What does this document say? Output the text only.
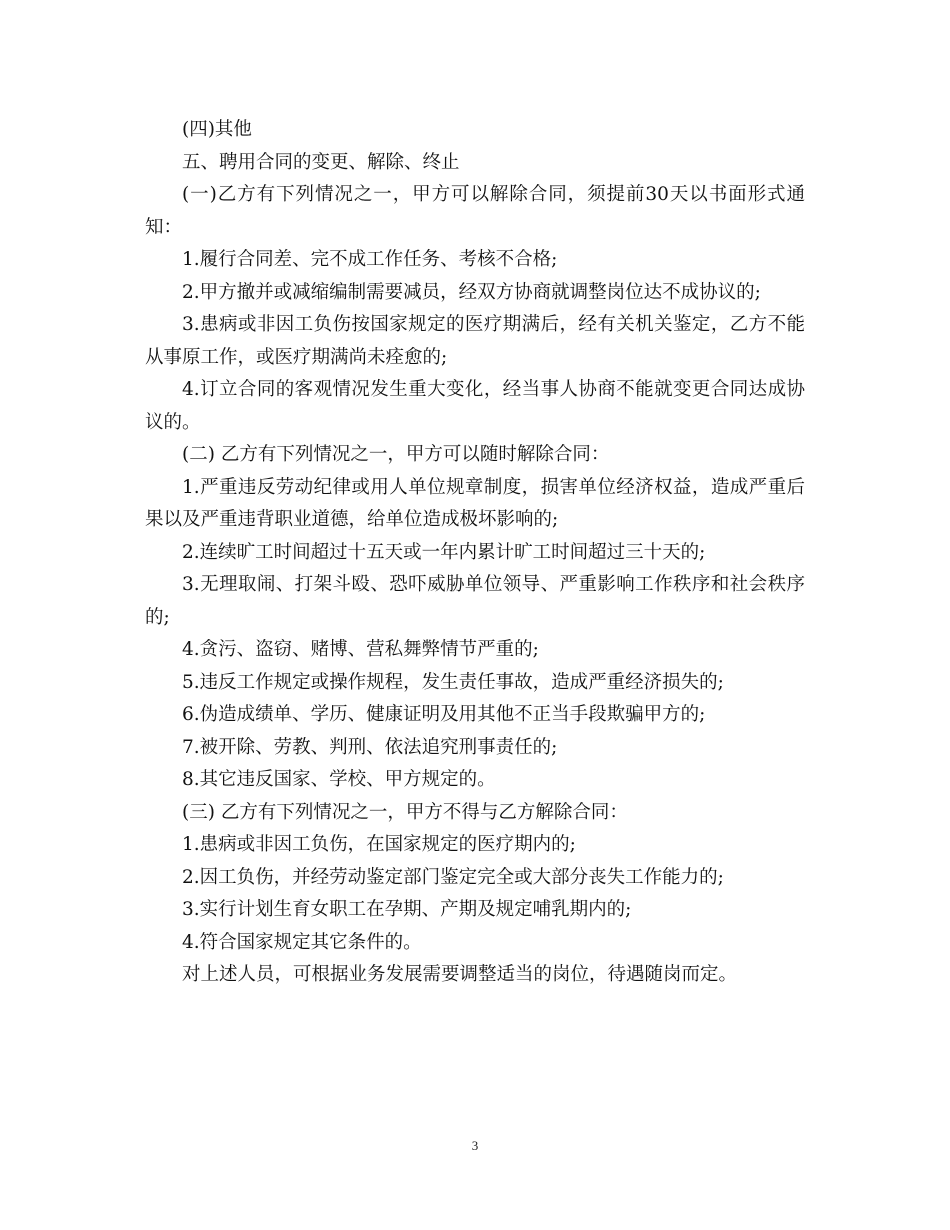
(四)其他

五、聘用合同的变更、解除、终止

(一)乙方有下列情况之一，甲方可以解除合同，须提前30天以书面形式通知：

1.履行合同差、完不成工作任务、考核不合格;

2.甲方撤并或减缩编制需要减员，经双方协商就调整岗位达不成协议的;

3.患病或非因工负伤按国家规定的医疗期满后，经有关机关鉴定，乙方不能从事原工作，或医疗期满尚未痊愈的;

4.订立合同的客观情况发生重大变化，经当事人协商不能就变更合同达成协议的。

(二) 乙方有下列情况之一，甲方可以随时解除合同：

1.严重违反劳动纪律或用人单位规章制度，损害单位经济权益，造成严重后果以及严重违背职业道德，给单位造成极坏影响的;

2.连续旷工时间超过十五天或一年内累计旷工时间超过三十天的;

3.无理取闹、打架斗殴、恐吓威胁单位领导、严重影响工作秩序和社会秩序的;

4.贪污、盗窃、赌博、营私舞弊情节严重的;

5.违反工作规定或操作规程，发生责任事故，造成严重经济损失的;

6.伪造成绩单、学历、健康证明及用其他不正当手段欺骗甲方的;

7.被开除、劳教、判刑、依法追究刑事责任的;

8.其它违反国家、学校、甲方规定的。

(三) 乙方有下列情况之一，甲方不得与乙方解除合同：

1.患病或非因工负伤，在国家规定的医疗期内的;

2.因工负伤，并经劳动鉴定部门鉴定完全或大部分丧失工作能力的;

3.实行计划生育女职工在孕期、产期及规定哺乳期内的;

4.符合国家规定其它条件的。

对上述人员，可根据业务发展需要调整适当的岗位，待遇随岗而定。

3
